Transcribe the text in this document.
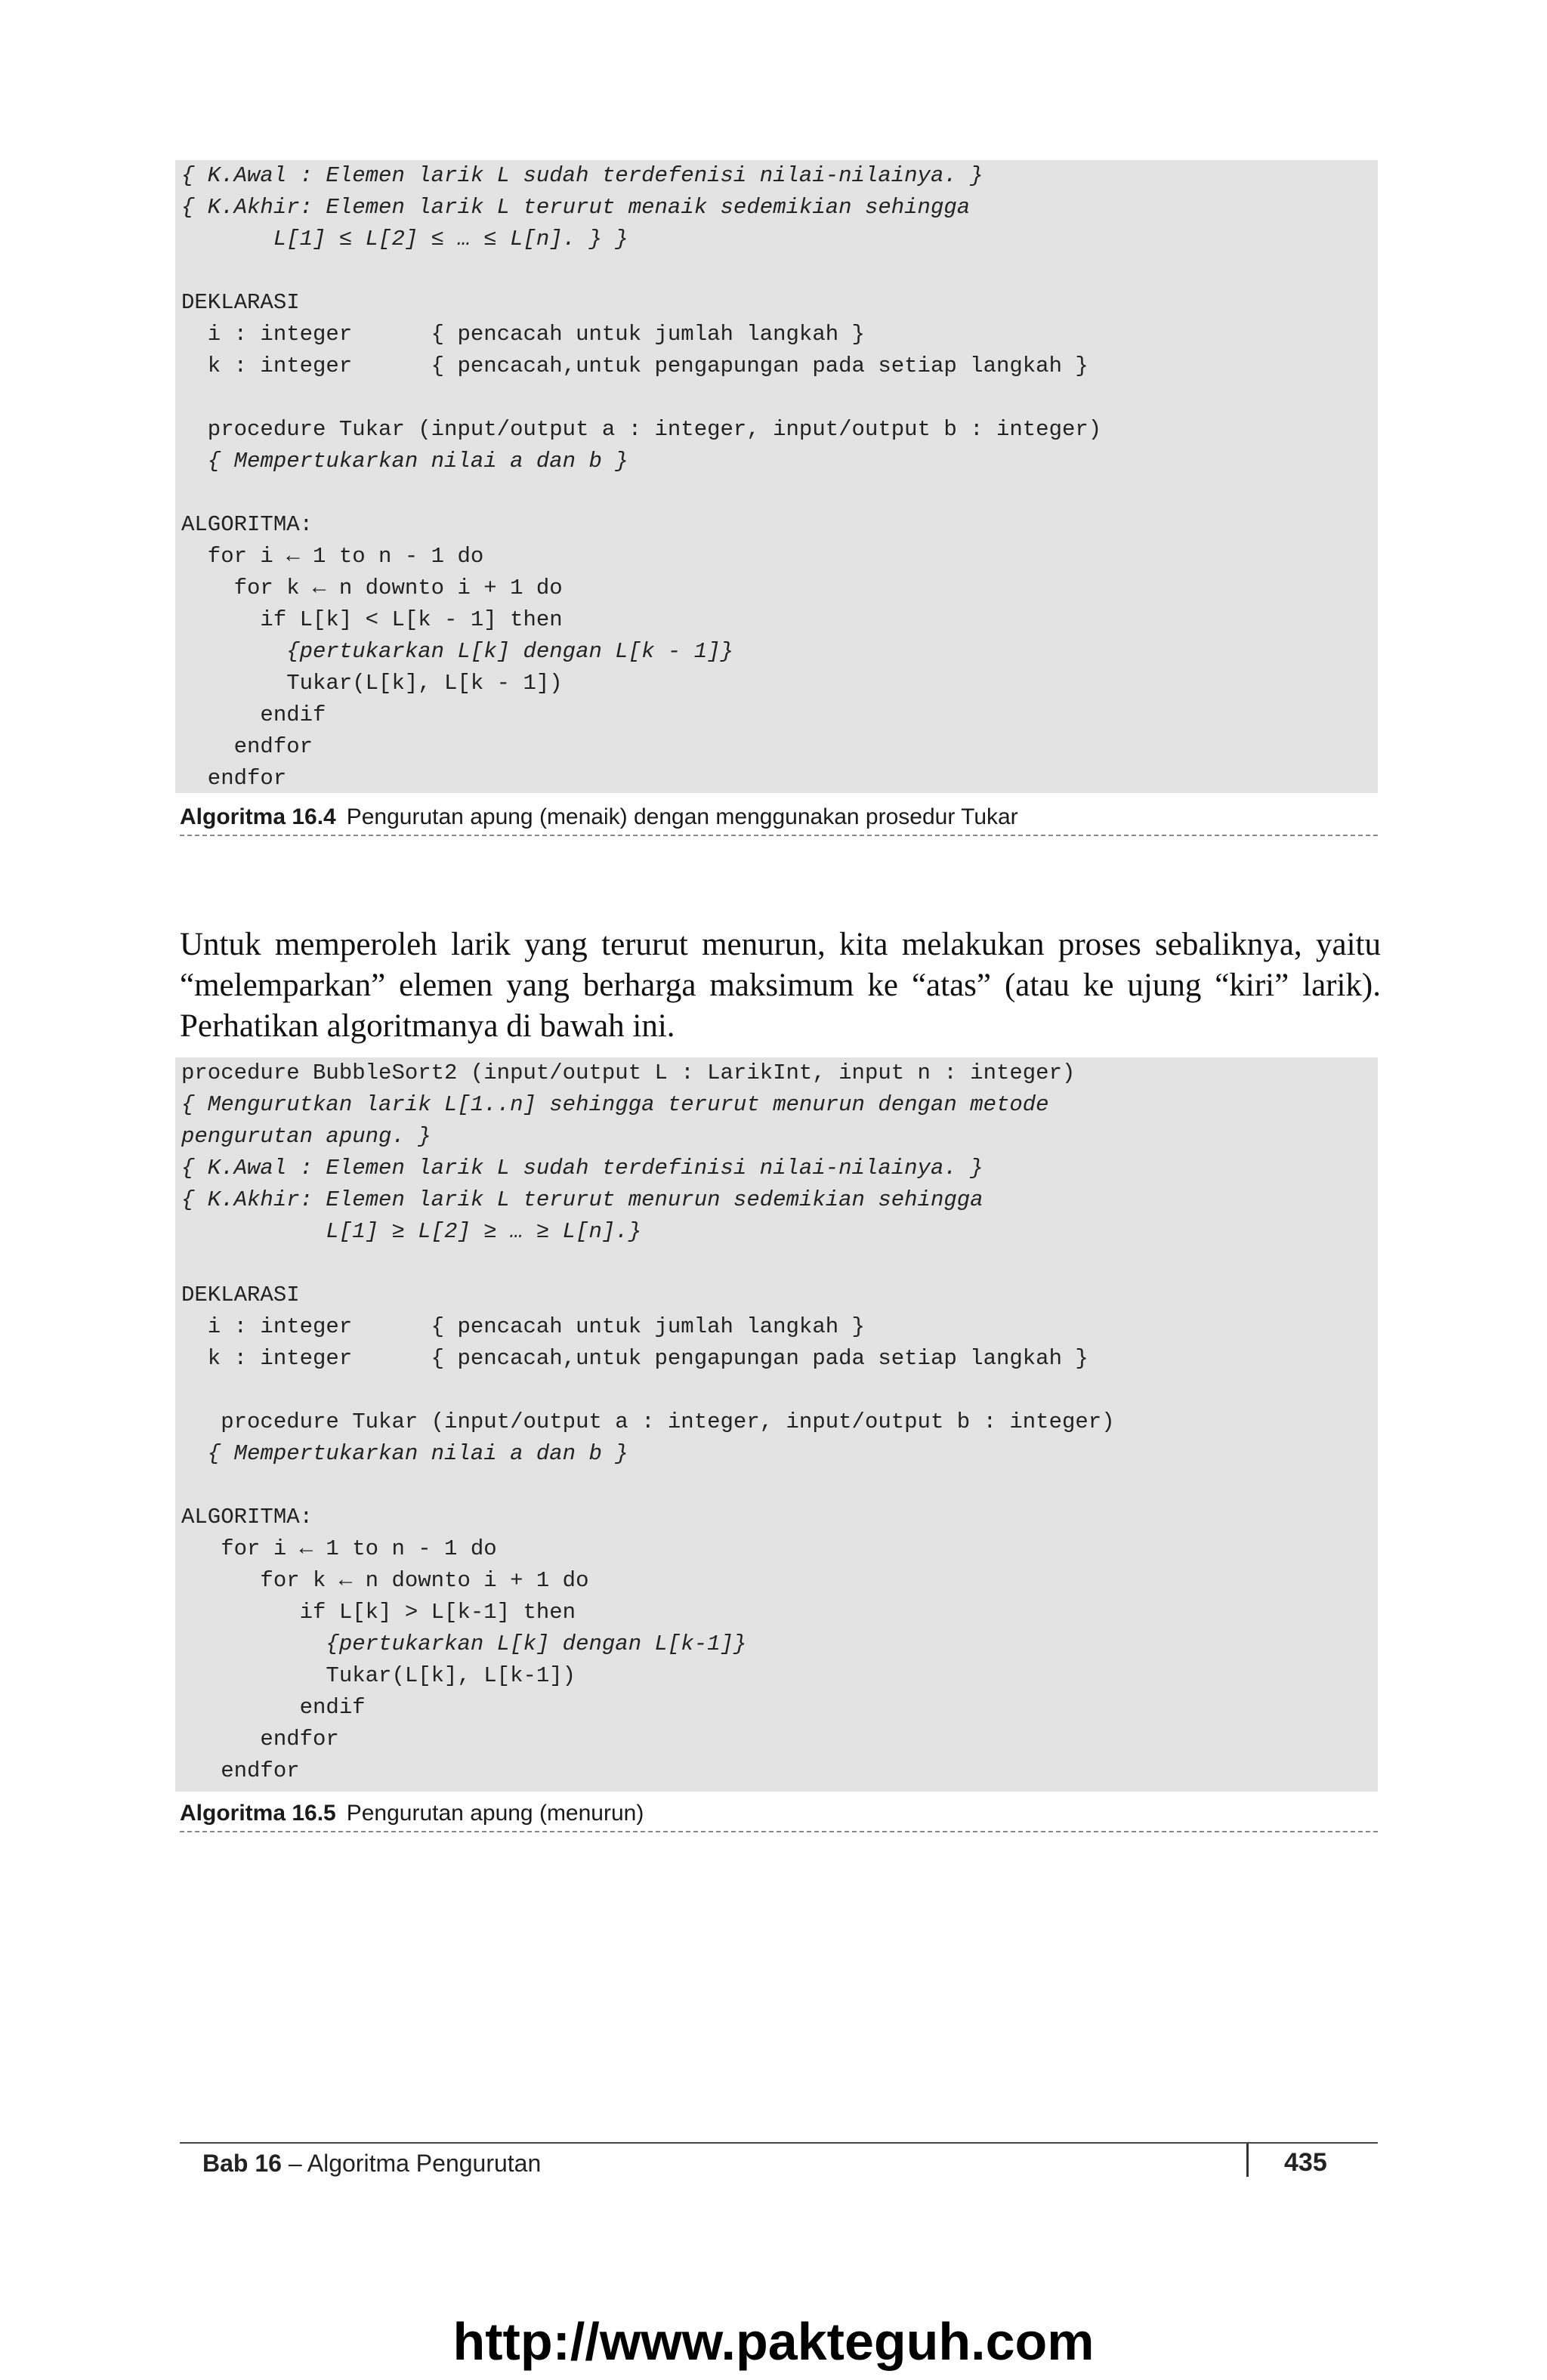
{ K.Awal : Elemen larik L sudah terdefenisi nilai-nilainya. }
{ K.Akhir: Elemen larik L terurut menaik sedemikian sehingga
L[1] ≤ L[2] ≤ … ≤ L[n]. } }
DEKLARASI
i : integer      { pencacah untuk jumlah langkah }
k : integer      { pencacah,untuk pengapungan pada setiap langkah }
procedure Tukar (input/output a : integer, input/output b : integer)
{ Mempertukarkan nilai a dan b }
ALGORITMA:
for i ← 1 to n - 1 do
for k ← n downto i + 1 do
if L[k] < L[k - 1] then
{pertukarkan L[k] dengan L[k - 1]}
Tukar(L[k], L[k - 1])
endif
endfor
endfor
Algoritma 16.4 Pengurutan apung (menaik) dengan menggunakan prosedur Tukar
Untuk memperoleh larik yang terurut menurun, kita melakukan proses sebaliknya, yaitu “melemparkan” elemen yang berharga maksimum ke “atas” (atau ke ujung “kiri” larik). Perhatikan algoritmanya di bawah ini.
procedure BubbleSort2 (input/output L : LarikInt, input n : integer)
{ Mengurutkan larik L[1..n] sehingga terurut menurun dengan metode
pengurutan apung. }
{ K.Awal : Elemen larik L sudah terdefinisi nilai-nilainya. }
{ K.Akhir: Elemen larik L terurut menurun sedemikian sehingga
L[1] ≥ L[2] ≥ … ≥ L[n].}
DEKLARASI
i : integer      { pencacah untuk jumlah langkah }
k : integer      { pencacah,untuk pengapungan pada setiap langkah }
procedure Tukar (input/output a : integer, input/output b : integer)
{ Mempertukarkan nilai a dan b }
ALGORITMA:
for i ← 1 to n - 1 do
for k ← n downto i + 1 do
if L[k] > L[k-1] then
{pertukarkan L[k] dengan L[k-1]}
Tukar(L[k], L[k-1])
endif
endfor
endfor
Algoritma 16.5 Pengurutan apung (menurun)
Bab 16 – Algoritma Pengurutan	435
http://www.pakteguh.com
